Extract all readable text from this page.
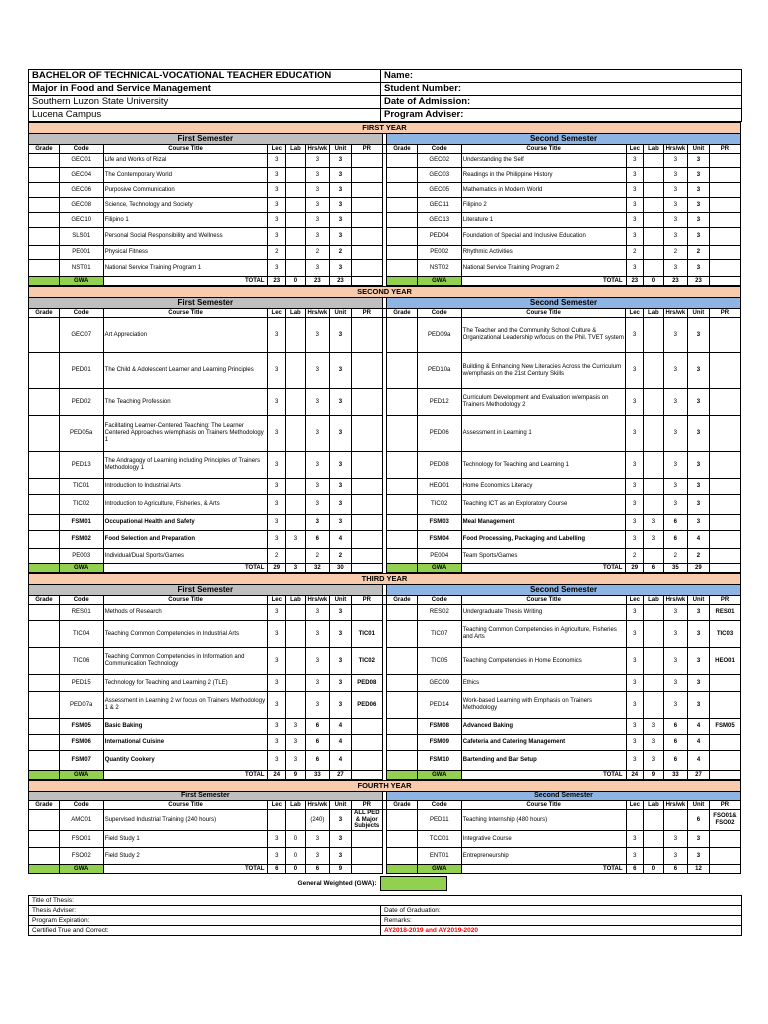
BACHELOR OF TECHNICAL-VOCATIONAL TEACHER EDUCATION	Name:
Major in Food and Service Management	Student Number:
Southern Luzon State University	Date of Admission:
Lucena Campus	Program Adviser:
FIRST YEAR																
First Semester									Second Semester							
Grade	Code	Course Title	Lec	Lab	Hrs/wk	Unit	PR		Grade	Code	Course Title	Lec	Lab	Hrs/wk	Unit	PR
	GEC01	Life and Works of Rizal	3		3	3				GEC02	Understanding the Self	3		3	3	
	GEC04	The Contemporary World	3		3	3				GEC03	Readings in the Philippine History	3		3	3	
	GEC06	Purposive Communication	3		3	3				GEC05	Mathematics in Modern World	3		3	3	
	GEC08	Science, Technology and Society	3		3	3				GEC11	Filipino 2	3		3	3	
	GEC10	Filipino 1	3		3	3				GEC13	Literature 1	3		3	3	
	SLS01	Personal Social Responsibility and Wellness	3		3	3				PED04	Foundation of Special and Inclusive Education	3		3	3	
	PE001	Physical Fitness	2		2	2				PE002	Rhythmic Activities	2		2	2	
	NST01	National Service Training Program 1	3		3	3				NST02	National Service Training Program 2	3		3	3	
	GWA	TOTAL	23	0	23	23				GWA	TOTAL	23	0	23	23	
SECOND YEAR																
First Semester									Second Semester							
Grade	Code	Course Title	Lec	Lab	Hrs/wk	Unit	PR		Grade	Code	Course Title	Lec	Lab	Hrs/wk	Unit	PR
	GEC07	Art Appreciation	3		3	3				PED09a	The Teacher and the Community School Culture & Organizational Leadership w/focus on the Phil. TVET system	3		3	3	
	PED01	The Child & Adolescent Learner and Learning Principles	3		3	3				PED10a	Building & Enhancing New Literacies Across the Curriculum w/emphasis on the 21st Century Skills	3		3	3	
	PED02	The Teaching Profession	3		3	3				PED12	Curriculum Development and Evaluation w/empasis on Trainers Methodology 2	3		3	3	
	PED05a	Facilitating Learner-Centered Teaching: The Learner Centered Approaches w/emphasis on Trainers Methodology 1	3		3	3				PED06	Assessment in Learning 1	3		3	3	
	PED13	The Andragogy of Learning including Principles of Trainers Methodology 1	3		3	3				PED08	Technology for Teaching and Learning 1	3		3	3	
	TIC01	Introduction to Industrial Arts	3		3	3				HEO01	Home Economics Literacy	3		3	3	
	TIC02	Introduction to Agriculture, Fisheries, & Arts	3		3	3				TIC02	Teaching ICT as an Exploratory Course	3		3	3	
	FSM01	Occupational Health and Safety	3		3	3				FSM03	Meal Management	3	3	6	3	
	FSM02	Food Selection and Preparation	3	3	6	4				FSM04	Food Processing, Packaging and Labelling	3	3	6	4	
	PE003	Individual/Dual Sports/Games	2		2	2				PE004	Team Sports/Games	2		2	2	
	GWA	TOTAL	29	3	32	30				GWA	TOTAL	29	6	35	29	
THIRD YEAR																
First Semester									Second Semester							
Grade	Code	Course Title	Lec	Lab	Hrs/wk	Unit	PR		Grade	Code	Course Title	Lec	Lab	Hrs/wk	Unit	PR
	RES01	Methods of Research	3		3	3				RES02	Undergraduate Thesis Writing	3		3	3	RES01
	TIC04	Teaching Common Competencies in Industrial Arts	3		3	3	TIC01			TIC07	Teaching Common Competencies in Agriculture, Fisheries and Arts	3		3	3	TIC03
	TIC06	Teaching Common Competencies in Information and Communication Technology	3		3	3	TIC02			TIC05	Teaching Competencies in Home Economics	3		3	3	HEO01
	PED15	Technology for Teaching and Learning 2 (TLE)	3		3	3	PED08			GEC09	Ethics	3		3	3	
	PED07a	Assessment in Learning 2 w/ focus on Trainers Methodology 1 & 2	3		3	3	PED06			PED14	Work-based Learning with Emphasis on Trainers Methodology	3		3	3	
	FSM05	Basic Baking	3	3	6	4				FSM08	Advanced Baking	3	3	6	4	FSM05
	FSM06	International Cuisine	3	3	6	4				FSM09	Cafeteria and Catering Management	3	3	6	4	
	FSM07	Quantity Cookery	3	3	6	4				FSM10	Bartending and Bar Setup	3	3	6	4	
	GWA	TOTAL	24	9	33	27				GWA	TOTAL	24	9	33	27	
FOURTH YEAR																
First Semester									Second Semester							
Grade	Code	Course Title	Lec	Lab	Hrs/wk	Unit	PR		Grade	Code	Course Title	Lec	Lab	Hrs/wk	Unit	PR
	AMC01	Supervised Industrial Training (240 hours)			(240)	3	ALL PED & Major Subjects			PED11	Teaching Internship (480 hours)				6	FSO01& FSO02
	FSO01	Field Study 1	3	0	3	3				TCC01	Integrative Course	3		3	3	
	FSO02	Field Study 2	3	0	3	3				ENT01	Entrepreneurship	3		3	3	
	GWA	TOTAL	6	0	6	9				GWA	TOTAL	6	0	6	12	
General Weighted (GWA):		
Title of Thesis:	
Thesis Adviser:	Date of Graduation:
Program Expiration:	Remarks:
Certified True and Correct:	AY2018-2019 and AY2019-2020
